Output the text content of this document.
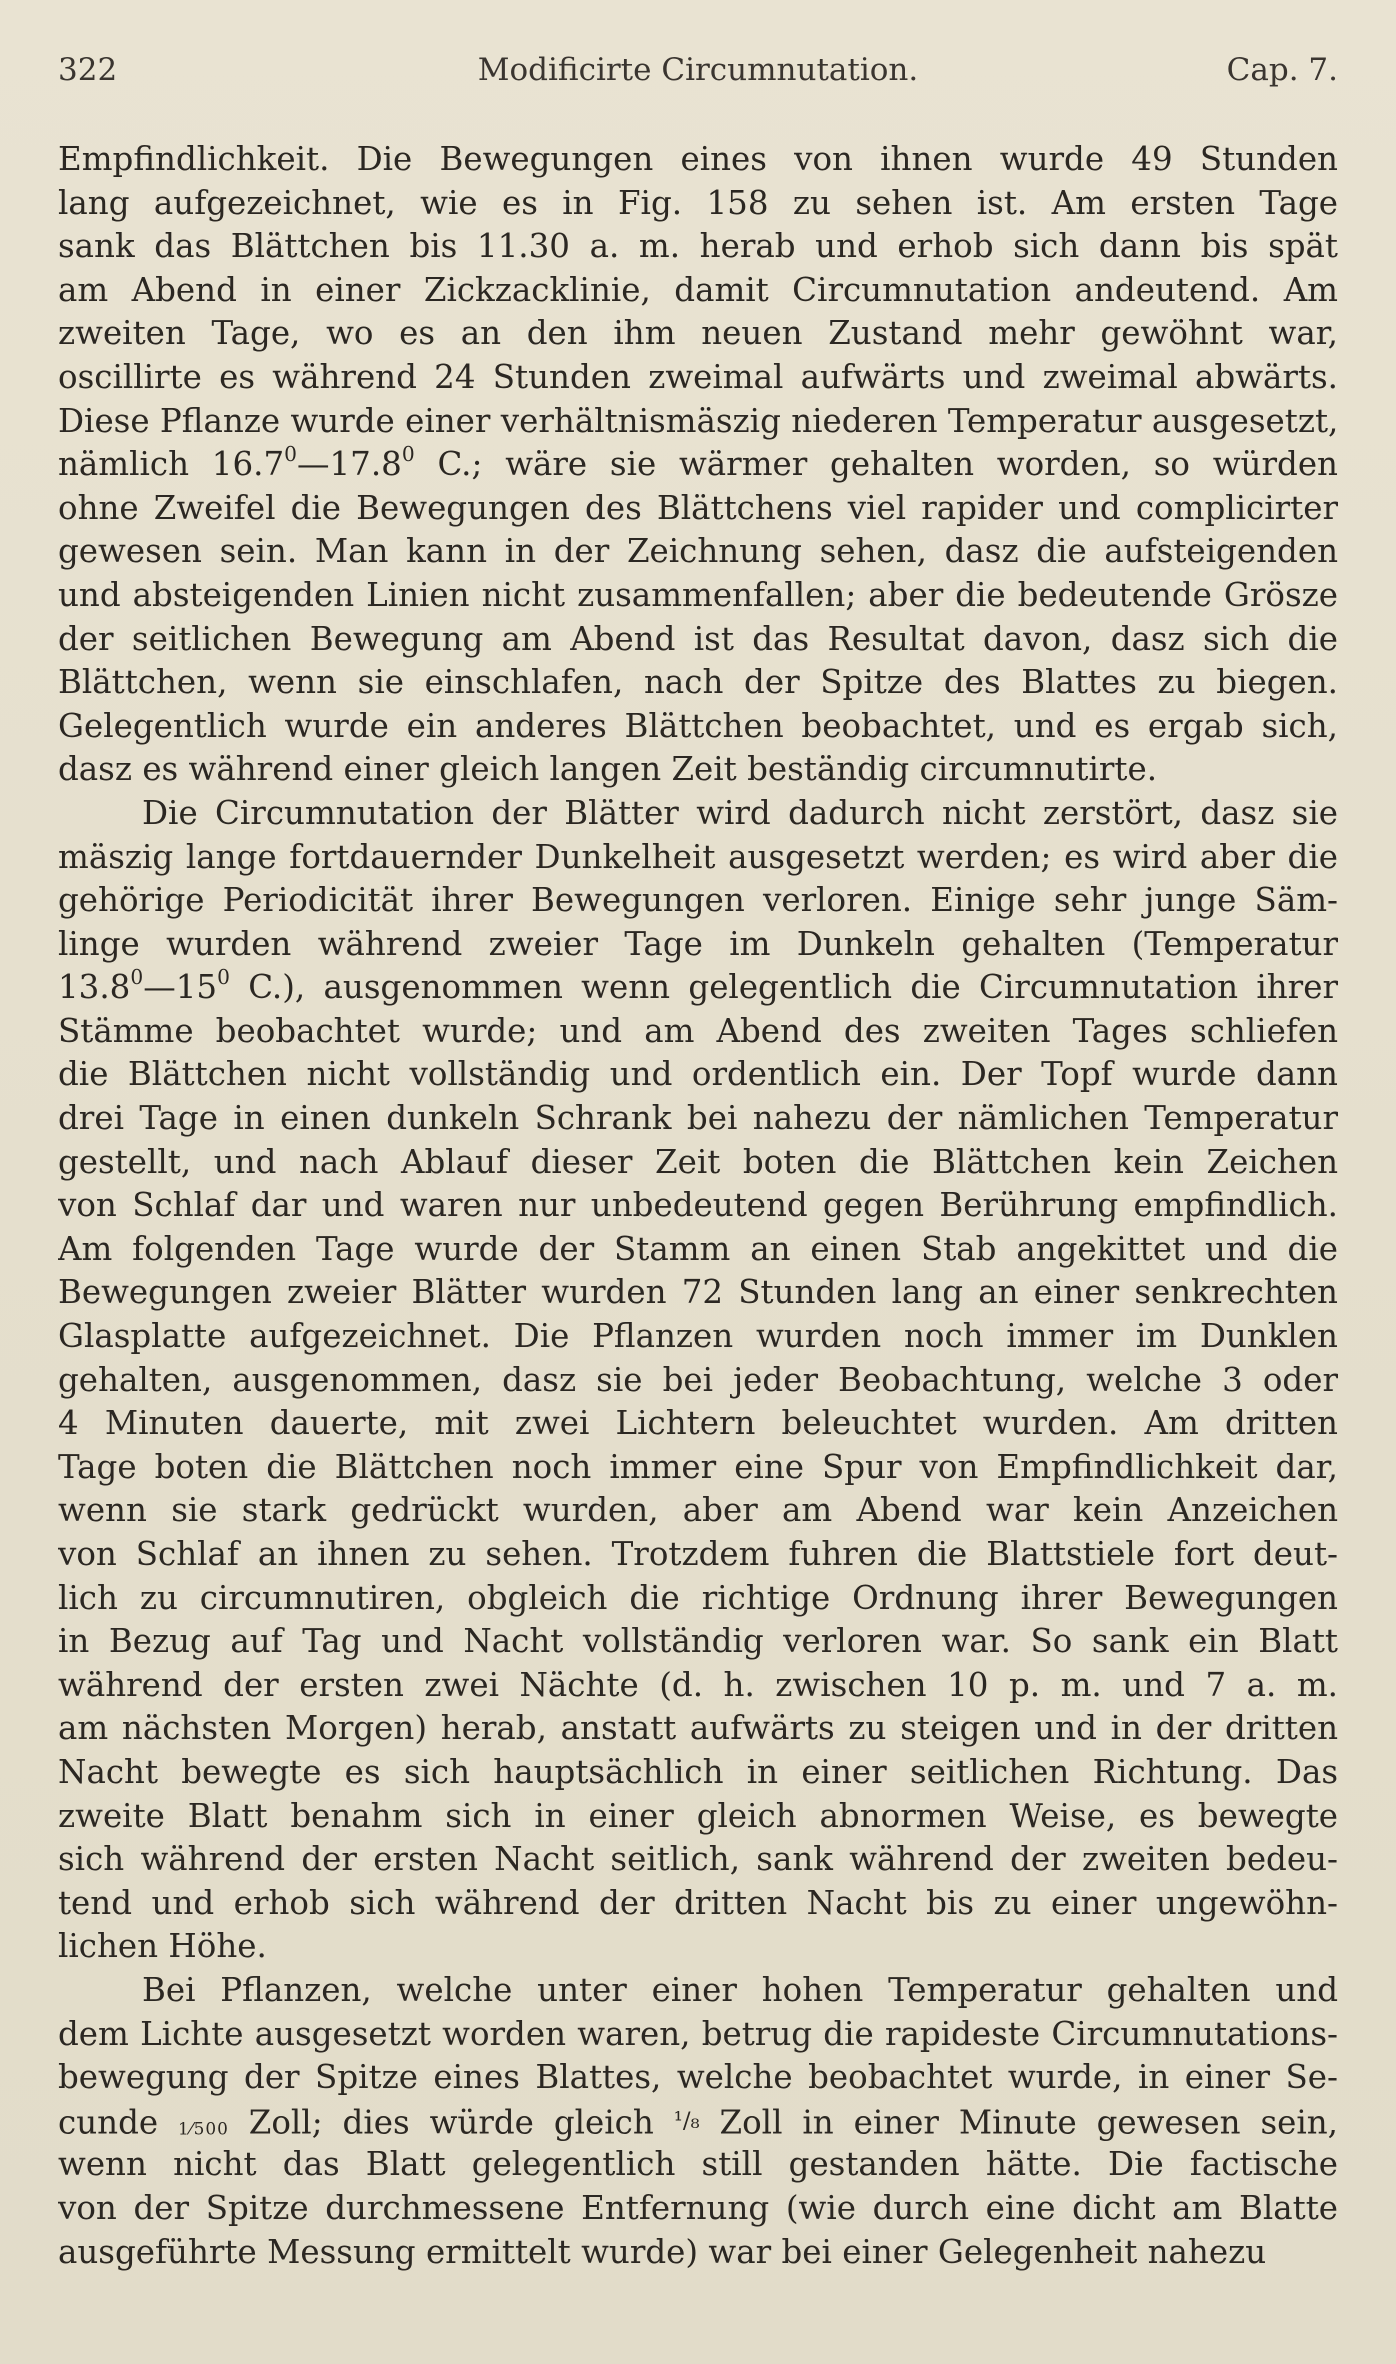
322	Modificirte Circumnutation.	Cap. 7.
Empfindlichkeit. Die Bewegungen eines von ihnen wurde 49 Stunden
lang aufgezeichnet, wie es in Fig. 158 zu sehen ist. Am ersten Tage
sank das Blättchen bis 11.30 a. m. herab und erhob sich dann bis spät
am Abend in einer Zickzacklinie, damit Circumnutation andeutend. Am
zweiten Tage, wo es an den ihm neuen Zustand mehr gewöhnt war,
oscillirte es während 24 Stunden zweimal aufwärts und zweimal abwärts.
Diese Pflanze wurde einer verhältnismäszig niederen Temperatur ausgesetzt,
nämlich 16.7$^0$—17.8$^0$ C.; wäre sie wärmer gehalten worden, so würden
ohne Zweifel die Bewegungen des Blättchens viel rapider und complicirter
gewesen sein. Man kann in der Zeichnung sehen, dasz die aufsteigenden
und absteigenden Linien nicht zusammenfallen; aber die bedeutende Grösze
der seitlichen Bewegung am Abend ist das Resultat davon, dasz sich die
Blättchen, wenn sie einschlafen, nach der Spitze des Blattes zu biegen.
Gelegentlich wurde ein anderes Blättchen beobachtet, und es ergab sich,
dasz es während einer gleich langen Zeit beständig circumnutirte.
Die Circumnutation der Blätter wird dadurch nicht zerstört, dasz sie
mäszig lange fortdauernder Dunkelheit ausgesetzt werden; es wird aber die
gehörige Periodicität ihrer Bewegungen verloren. Einige sehr junge Säm-
linge wurden während zweier Tage im Dunkeln gehalten (Temperatur
$13.8^0—15^0$ C.), ausgenommen wenn gelegentlich die Circumnutation ihrer
Stämme beobachtet wurde; und am Abend des zweiten Tages schliefen
die Blättchen nicht vollständig und ordentlich ein. Der Topf wurde dann
drei Tage in einen dunkeln Schrank bei nahezu der nämlichen Temperatur
gestellt, und nach Ablauf dieser Zeit boten die Blättchen kein Zeichen
von Schlaf dar und waren nur unbedeutend gegen Berührung empfindlich.
Am folgenden Tage wurde der Stamm an einen Stab angekittet und die
Bewegungen zweier Blätter wurden 72 Stunden lang an einer senkrechten
Glasplatte aufgezeichnet. Die Pflanzen wurden noch immer im Dunklen
gehalten, ausgenommen, dasz sie bei jeder Beobachtung, welche 3 oder
4 Minuten dauerte, mit zwei Lichtern beleuchtet wurden. Am dritten
Tage boten die Blättchen noch immer eine Spur von Empfindlichkeit dar,
wenn sie stark gedrückt wurden, aber am Abend war kein Anzeichen
von Schlaf an ihnen zu sehen. Trotzdem fuhren die Blattstiele fort deut-
lich zu circumnutiren, obgleich die richtige Ordnung ihrer Bewegungen
in Bezug auf Tag und Nacht vollständig verloren war. So sank ein Blatt
während der ersten zwei Nächte (d. h. zwischen 10 p. m. und 7 a. m.
am nächsten Morgen) herab, anstatt aufwärts zu steigen und in der dritten
Nacht bewegte es sich hauptsächlich in einer seitlichen Richtung. Das
zweite Blatt benahm sich in einer gleich abnormen Weise, es bewegte
sich während der ersten Nacht seitlich, sank während der zweiten bedeu-
tend und erhob sich während der dritten Nacht bis zu einer ungewöhn-
lichen Höhe.
Bei Pflanzen, welche unter einer hohen Temperatur gehalten und
dem Lichte ausgesetzt worden waren, betrug die rapideste Circumnutations-
bewegung der Spitze eines Blattes, welche beobachtet wurde, in einer Se-
cunde 1⁄500 Zoll; dies würde gleich ¹/₈ Zoll in einer Minute gewesen sein,
wenn nicht das Blatt gelegentlich still gestanden hätte. Die factische
von der Spitze durchmessene Entfernung (wie durch eine dicht am Blatte
ausgeführte Messung ermittelt wurde) war bei einer Gelegenheit nahezu
